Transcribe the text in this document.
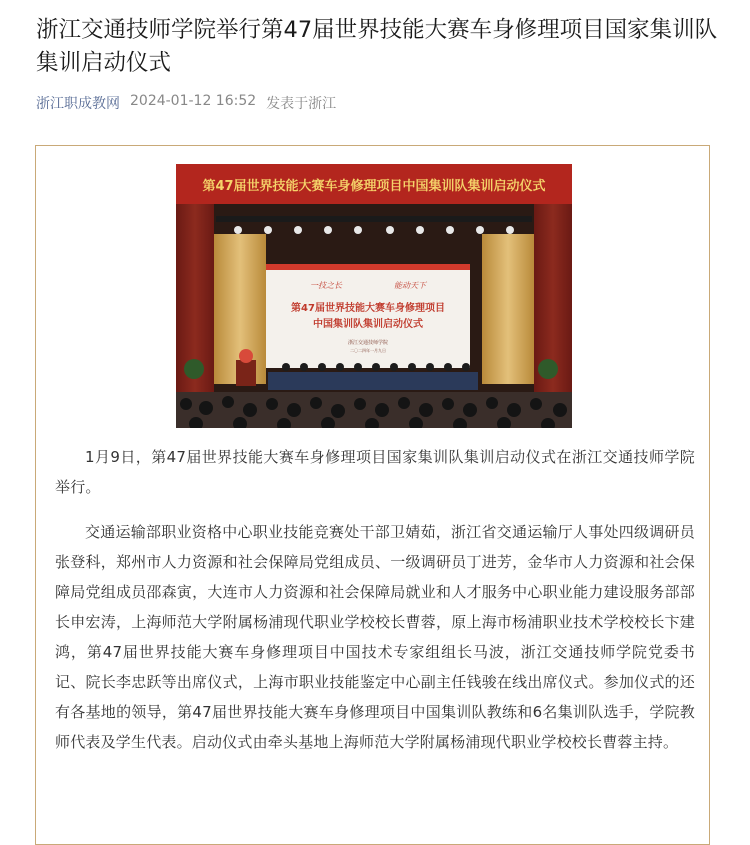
浙江交通技师学院举行第47届世界技能大赛车身修理项目国家集训队集训启动仪式
浙江职成教网 2024-01-12 16:52 发表于浙江
第47届世界技能大赛车身修理项目中国集训队集训启动仪式
一技之长	能动天下
第47届世界技能大赛车身修理项目
中国集训队集训启动仪式
浙江交通技师学院
二〇二四年一月九日

1月9日，第47届世界技能大赛车身修理项目国家集训队集训启动仪式在浙江交通技师学院举行。

交通运输部职业资格中心职业技能竞赛处干部卫婧茹，浙江省交通运输厅人事处四级调研员张登科，郑州市人力资源和社会保障局党组成员、一级调研员丁进芳，金华市人力资源和社会保障局党组成员邵森寅，大连市人力资源和社会保障局就业和人才服务中心职业能力建设服务部部长申宏涛，上海师范大学附属杨浦现代职业学校校长曹蓉，原上海市杨浦职业技术学校校长卞建鸿，第47届世界技能大赛车身修理项目中国技术专家组组长马波，浙江交通技师学院党委书记、院长李忠跃等出席仪式，上海市职业技能鉴定中心副主任钱骏在线出席仪式。参加仪式的还有各基地的领导，第47届世界技能大赛车身修理项目中国集训队教练和6名集训队选手，学院教师代表及学生代表。启动仪式由牵头基地上海师范大学附属杨浦现代职业学校校长曹蓉主持。
